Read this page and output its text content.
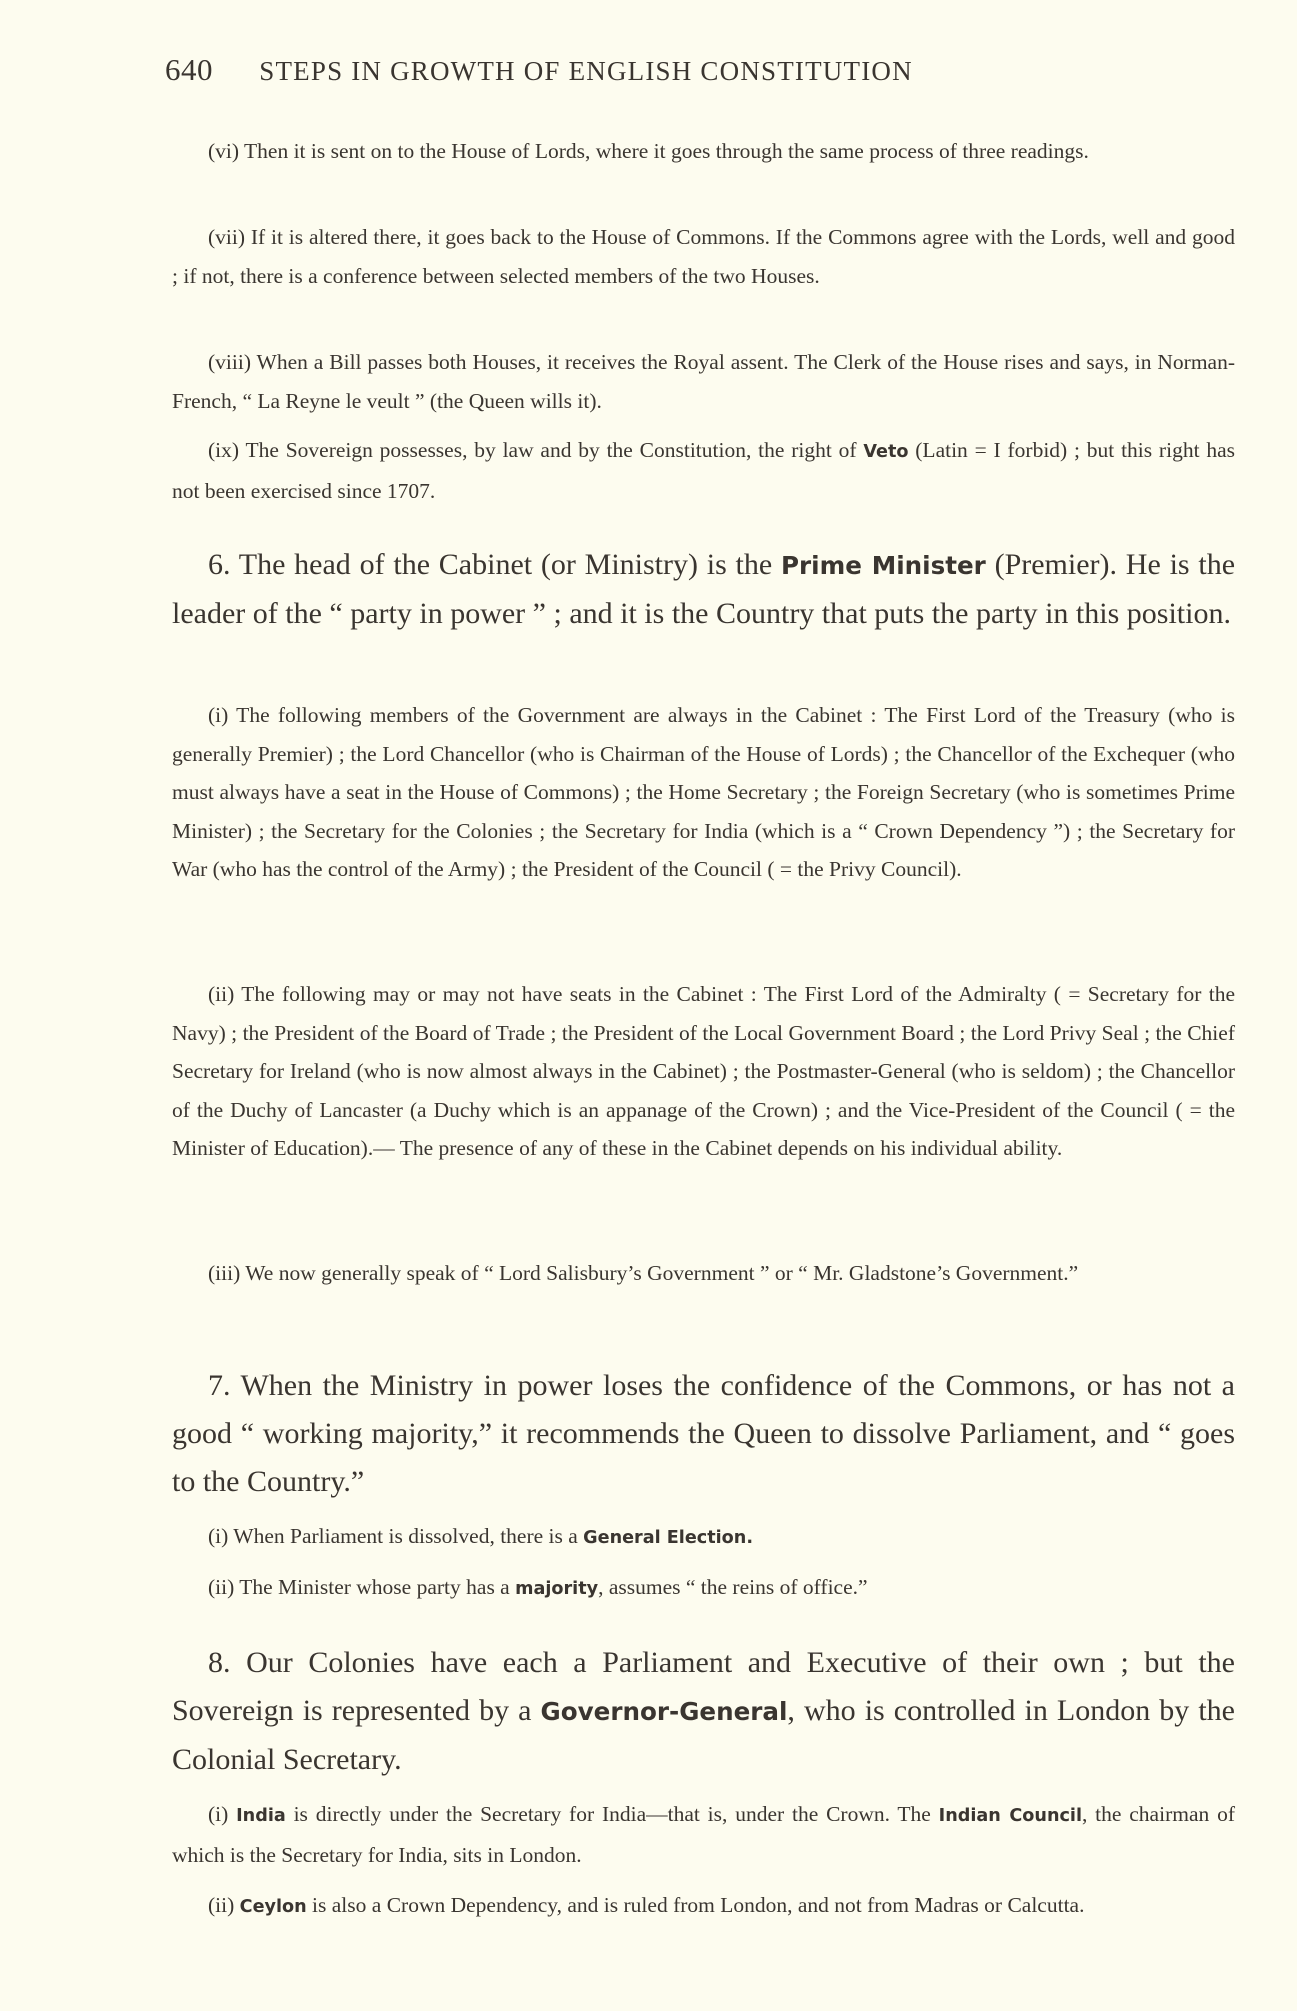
640 STEPS IN GROWTH OF ENGLISH CONSTITUTION
(vi) Then it is sent on to the House of Lords, where it goes through the same process of three readings.
(vii) If it is altered there, it goes back to the House of Commons. If the Commons agree with the Lords, well and good ; if not, there is a conference between selected members of the two Houses.
(viii) When a Bill passes both Houses, it receives the Royal assent. The Clerk of the House rises and says, in Norman-French, “ La Reyne le veult ” (the Queen wills it).
(ix) The Sovereign possesses, by law and by the Constitution, the right of Veto (Latin = I forbid) ; but this right has not been exercised since 1707.
6. The head of the Cabinet (or Ministry) is the Prime Minister (Premier). He is the leader of the “ party in power ” ; and it is the Country that puts the party in this position.
(i) The following members of the Government are always in the Cabinet : The First Lord of the Treasury (who is generally Premier) ; the Lord Chancellor (who is Chairman of the House of Lords) ; the Chancellor of the Exchequer (who must always have a seat in the House of Commons) ; the Home Secretary ; the Foreign Secretary (who is sometimes Prime Minister) ; the Secretary for the Colonies ; the Secretary for India (which is a “ Crown Dependency ”) ; the Secretary for War (who has the control of the Army) ; the President of the Council ( = the Privy Council).
(ii) The following may or may not have seats in the Cabinet : The First Lord of the Admiralty ( = Secretary for the Navy) ; the President of the Board of Trade ; the President of the Local Government Board ; the Lord Privy Seal ; the Chief Secretary for Ireland (who is now almost always in the Cabinet) ; the Postmaster-General (who is seldom) ; the Chancellor of the Duchy of Lancaster (a Duchy which is an appanage of the Crown) ; and the Vice-President of the Council ( = the Minister of Education).— The presence of any of these in the Cabinet depends on his individual ability.
(iii) We now generally speak of “ Lord Salisbury’s Government ” or “ Mr. Gladstone’s Government.”
7. When the Ministry in power loses the confidence of the Commons, or has not a good “ working majority,” it recommends the Queen to dissolve Parliament, and “ goes to the Country.”
(i) When Parliament is dissolved, there is a General Election.
(ii) The Minister whose party has a majority, assumes “ the reins of office.”
8. Our Colonies have each a Parliament and Executive of their own ; but the Sovereign is represented by a Governor-General, who is controlled in London by the Colonial Secretary.
(i) India is directly under the Secretary for India—that is, under the Crown. The Indian Council, the chairman of which is the Secretary for India, sits in London.
(ii) Ceylon is also a Crown Dependency, and is ruled from London, and not from Madras or Calcutta.
